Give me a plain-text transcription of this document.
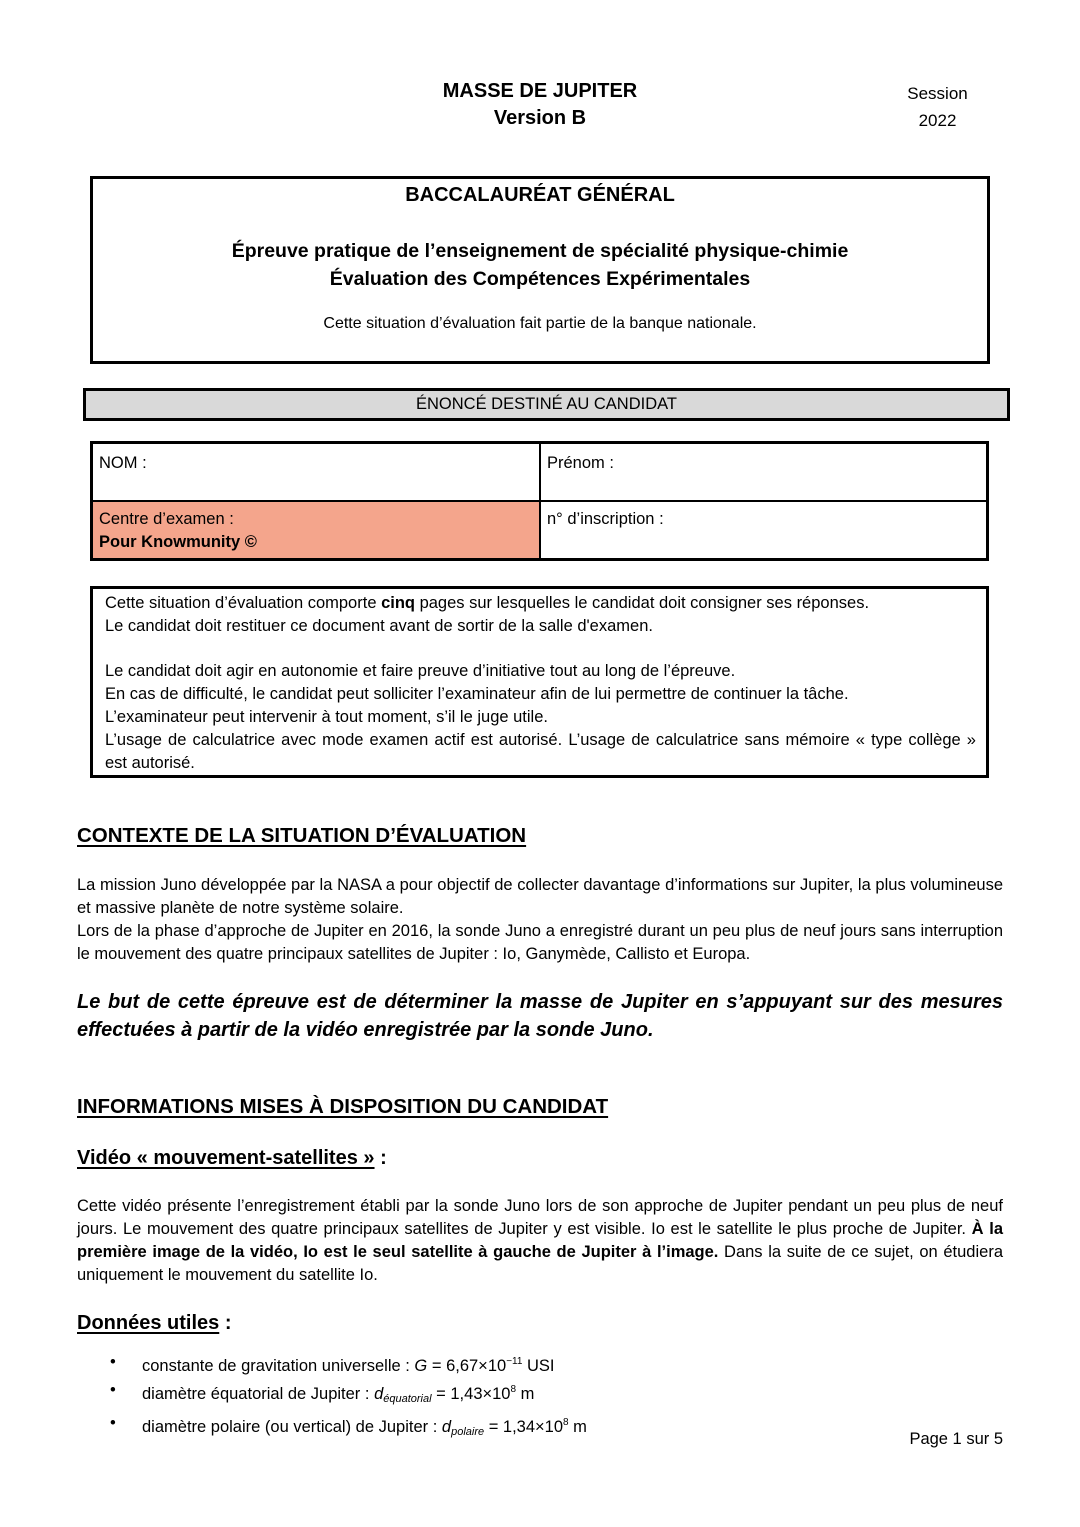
MASSE DE JUPITER
Version B
Session
2022
BACCALAURÉAT GÉNÉRAL
Épreuve pratique de l’enseignement de spécialité physique-chimie
Évaluation des Compétences Expérimentales
Cette situation d’évaluation fait partie de la banque nationale.
ÉNONCÉ DESTINÉ AU CANDIDAT
NOM :	Prénom :
Centre d’examen :
Pour Knowmunity ©
n° d’inscription :

Cette situation d’évaluation comporte cinq pages sur lesquelles le candidat doit consigner ses réponses.

Le candidat doit restituer ce document avant de sortir de la salle d'examen.

Le candidat doit agir en autonomie et faire preuve d’initiative tout au long de l’épreuve.

En cas de difficulté, le candidat peut solliciter l’examinateur afin de lui permettre de continuer la tâche.

L’examinateur peut intervenir à tout moment, s’il le juge utile.

L’usage de calculatrice avec mode examen actif est autorisé. L’usage de calculatrice sans mémoire « type collège » est autorisé.

CONTEXTE DE LA SITUATION D’ÉVALUATION

La mission Juno développée par la NASA a pour objectif de collecter davantage d’informations sur Jupiter, la plus volumineuse et massive planète de notre système solaire.

Lors de la phase d’approche de Jupiter en 2016, la sonde Juno a enregistré durant un peu plus de neuf jours sans interruption le mouvement des quatre principaux satellites de Jupiter : Io, Ganymède, Callisto et Europa.

Le but de cette épreuve est de déterminer la masse de Jupiter en s’appuyant sur des mesures effectuées à partir de la vidéo enregistrée par la sonde Juno.
INFORMATIONS MISES À DISPOSITION DU CANDIDAT
Vidéo « mouvement-satellites » :

Cette vidéo présente l’enregistrement établi par la sonde Juno lors de son approche de Jupiter pendant un peu plus de neuf jours. Le mouvement des quatre principaux satellites de Jupiter y est visible. Io est le satellite le plus proche de Jupiter. À la première image de la vidéo, Io est le seul satellite à gauche de Jupiter à l’image. Dans la suite de ce sujet, on étudiera uniquement le mouvement du satellite Io.

Données utiles :
• constante de gravitation universelle : $G = 6,67\times 10^{-11}$ USI
• diamètre équatorial de Jupiter : $d_{équatorial} = 1,43\times 10^8$ m
• diamètre polaire (ou vertical) de Jupiter : $d_{polaire} = 1,34\times 10^8$ m
Page 1 sur 5
